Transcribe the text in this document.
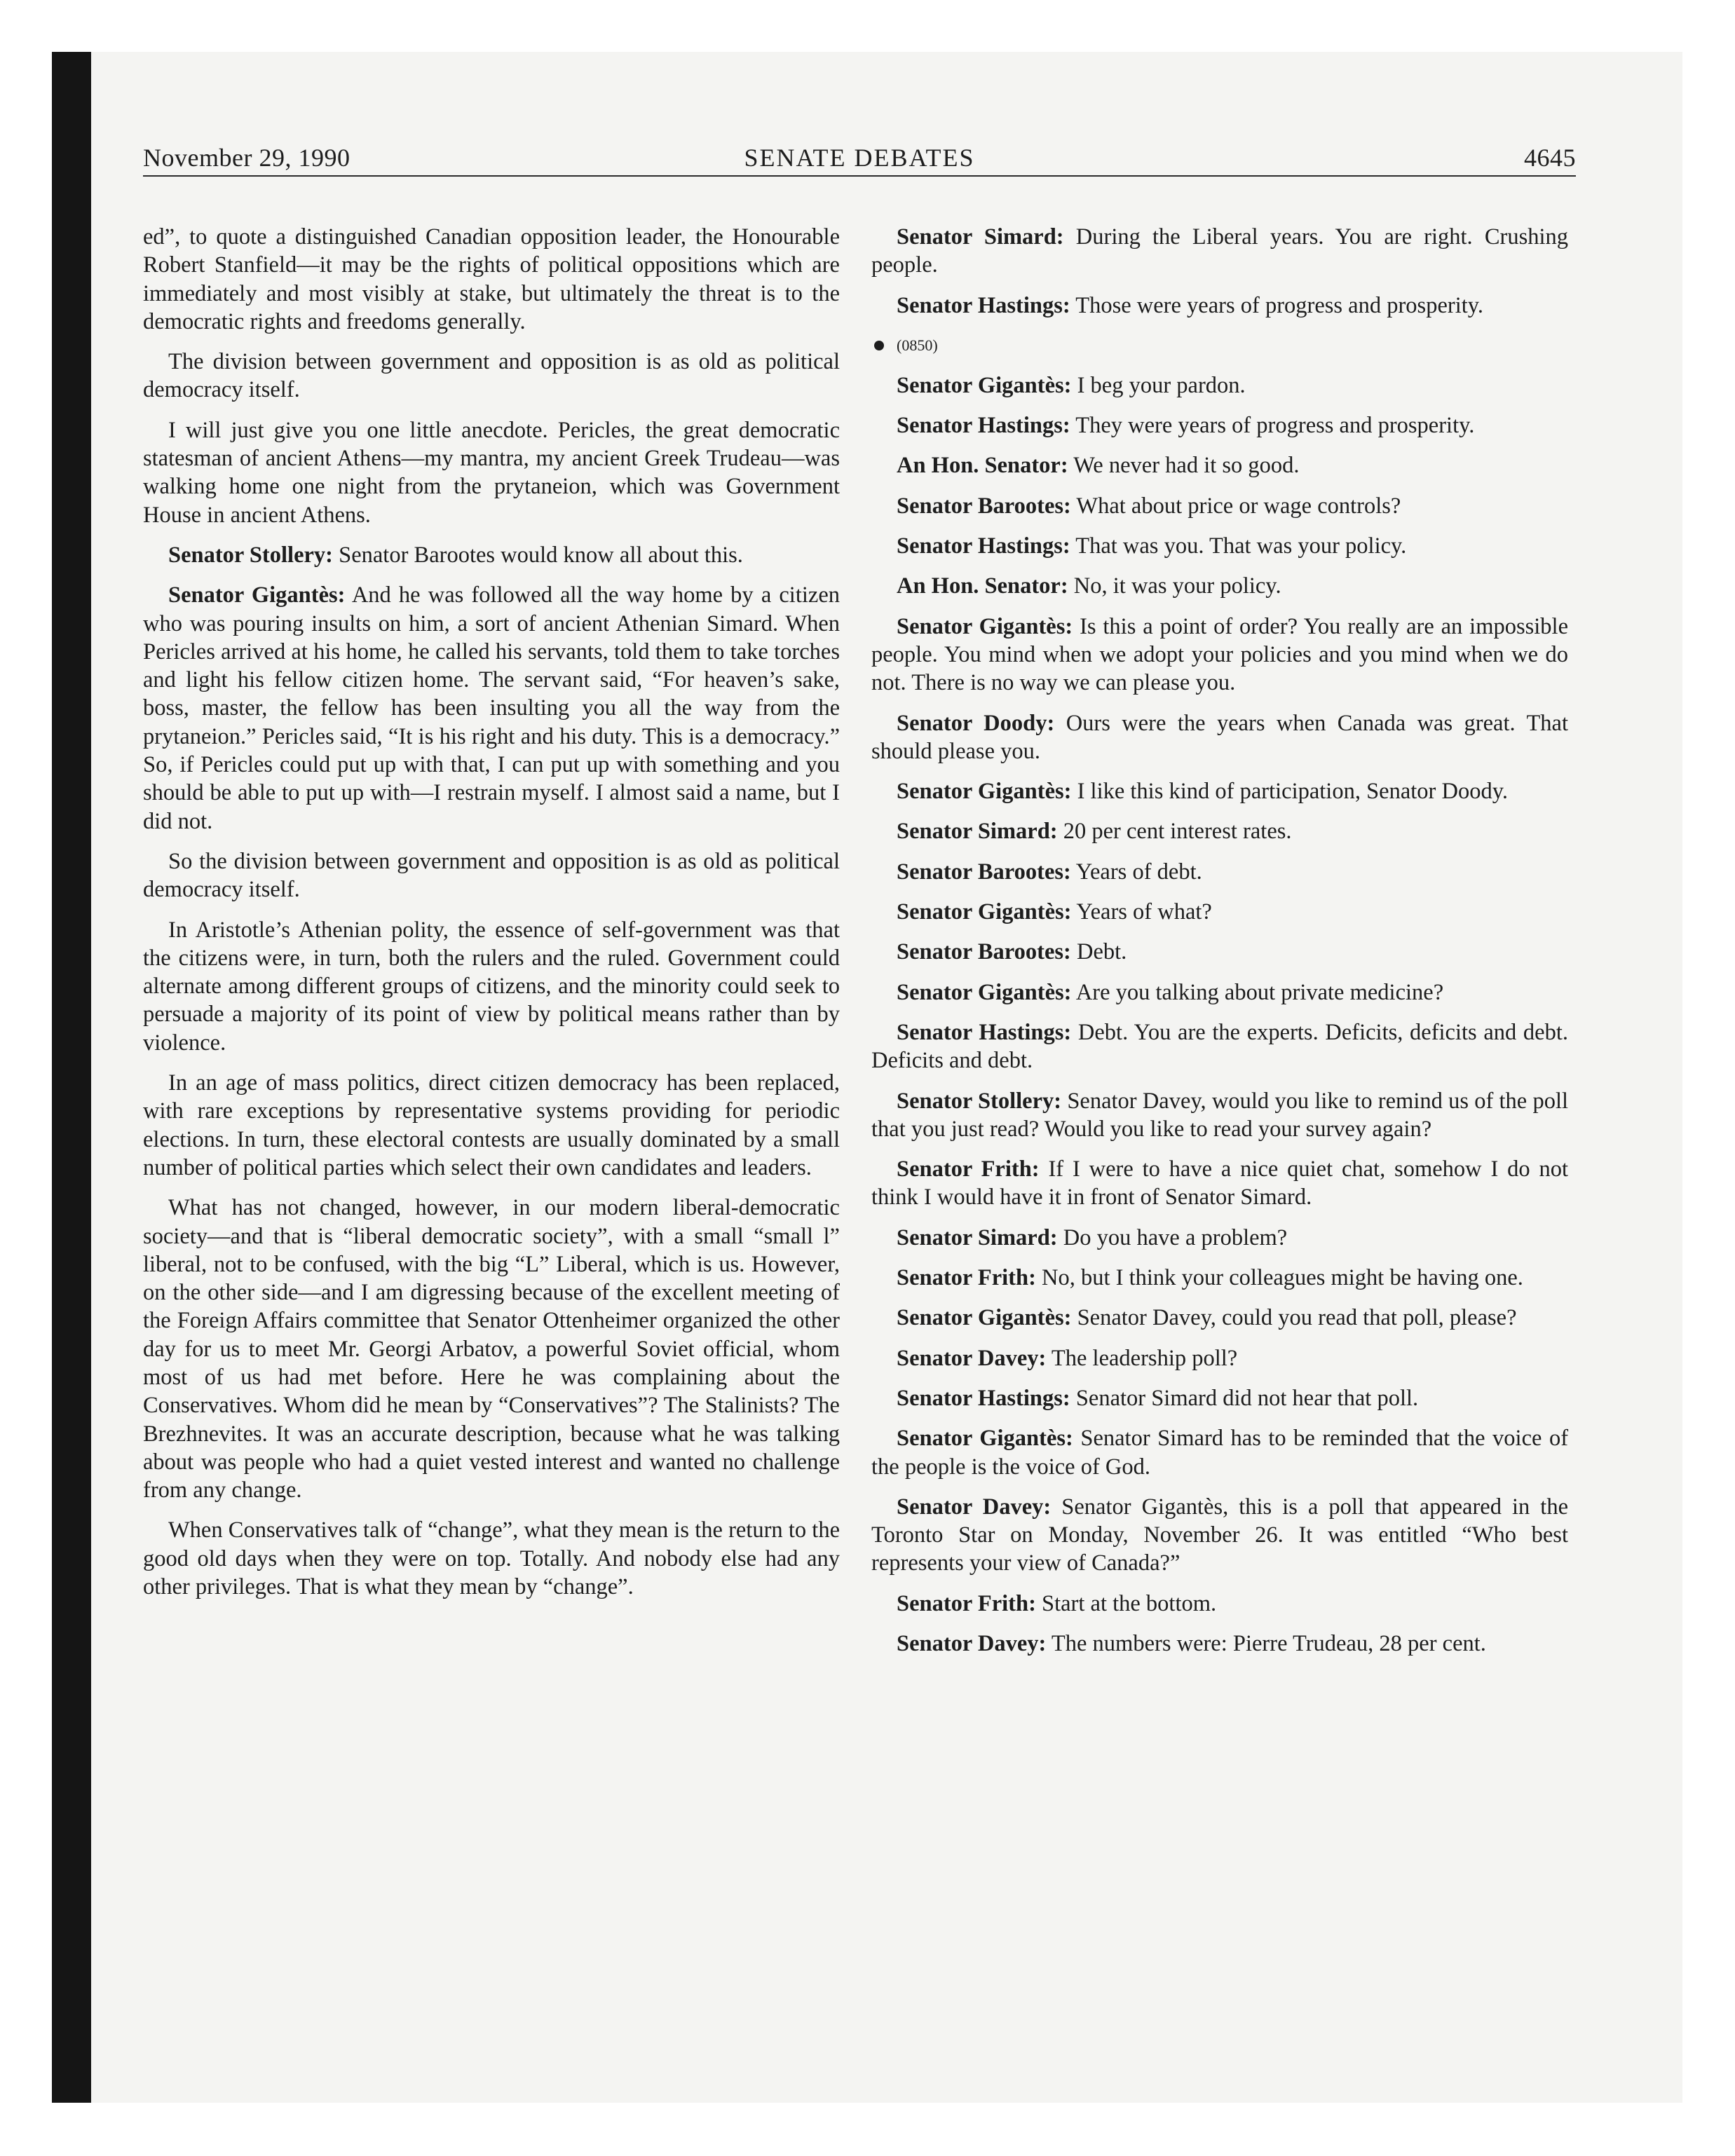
November 29, 1990	SENATE DEBATES	4645

ed”, to quote a distinguished Canadian opposition leader, the Honourable Robert Stanfield—it may be the rights of political oppositions which are immediately and most visibly at stake, but ultimately the threat is to the democratic rights and freedoms generally.

The division between government and opposition is as old as political democracy itself.

I will just give you one little anecdote. Pericles, the great democratic statesman of ancient Athens—my mantra, my ancient Greek Trudeau—was walking home one night from the prytaneion, which was Government House in ancient Athens.

Senator Stollery: Senator Barootes would know all about this.

Senator Gigantès: And he was followed all the way home by a citizen who was pouring insults on him, a sort of ancient Athenian Simard. When Pericles arrived at his home, he called his servants, told them to take torches and light his fellow citizen home. The servant said, “For heaven’s sake, boss, master, the fellow has been insulting you all the way from the prytaneion.” Pericles said, “It is his right and his duty. This is a democracy.” So, if Pericles could put up with that, I can put up with something and you should be able to put up with—I restrain myself. I almost said a name, but I did not.

So the division between government and opposition is as old as political democracy itself.

In Aristotle’s Athenian polity, the essence of self-government was that the citizens were, in turn, both the rulers and the ruled. Government could alternate among different groups of citizens, and the minority could seek to persuade a majority of its point of view by political means rather than by violence.

In an age of mass politics, direct citizen democracy has been replaced, with rare exceptions by representative systems providing for periodic elections. In turn, these electoral contests are usually dominated by a small number of political parties which select their own candidates and leaders.

What has not changed, however, in our modern liberal-democratic society—and that is “liberal democratic society”, with a small “small l” liberal, not to be confused, with the big “L” Liberal, which is us. However, on the other side—and I am digressing because of the excellent meeting of the Foreign Affairs committee that Senator Ottenheimer organized the other day for us to meet Mr. Georgi Arbatov, a powerful Soviet official, whom most of us had met before. Here he was complaining about the Conservatives. Whom did he mean by “Conservatives”? The Stalinists? The Brezhnevites. It was an accurate description, because what he was talking about was people who had a quiet vested interest and wanted no challenge from any change.

When Conservatives talk of “change”, what they mean is the return to the good old days when they were on top. Totally. And nobody else had any other privileges. That is what they mean by “change”.

Senator Simard: During the Liberal years. You are right. Crushing people.

Senator Hastings: Those were years of progress and prosperity.

(0850)

Senator Gigantès: I beg your pardon.

Senator Hastings: They were years of progress and prosperity.

An Hon. Senator: We never had it so good.

Senator Barootes: What about price or wage controls?

Senator Hastings: That was you. That was your policy.

An Hon. Senator: No, it was your policy.

Senator Gigantès: Is this a point of order? You really are an impossible people. You mind when we adopt your policies and you mind when we do not. There is no way we can please you.

Senator Doody: Ours were the years when Canada was great. That should please you.

Senator Gigantès: I like this kind of participation, Senator Doody.

Senator Simard: 20 per cent interest rates.

Senator Barootes: Years of debt.

Senator Gigantès: Years of what?

Senator Barootes: Debt.

Senator Gigantès: Are you talking about private medicine?

Senator Hastings: Debt. You are the experts. Deficits, deficits and debt. Deficits and debt.

Senator Stollery: Senator Davey, would you like to remind us of the poll that you just read? Would you like to read your survey again?

Senator Frith: If I were to have a nice quiet chat, somehow I do not think I would have it in front of Senator Simard.

Senator Simard: Do you have a problem?

Senator Frith: No, but I think your colleagues might be having one.

Senator Gigantès: Senator Davey, could you read that poll, please?

Senator Davey: The leadership poll?

Senator Hastings: Senator Simard did not hear that poll.

Senator Gigantès: Senator Simard has to be reminded that the voice of the people is the voice of God.

Senator Davey: Senator Gigantès, this is a poll that appeared in the Toronto Star on Monday, November 26. It was entitled “Who best represents your view of Canada?”

Senator Frith: Start at the bottom.

Senator Davey: The numbers were: Pierre Trudeau, 28 per cent.
